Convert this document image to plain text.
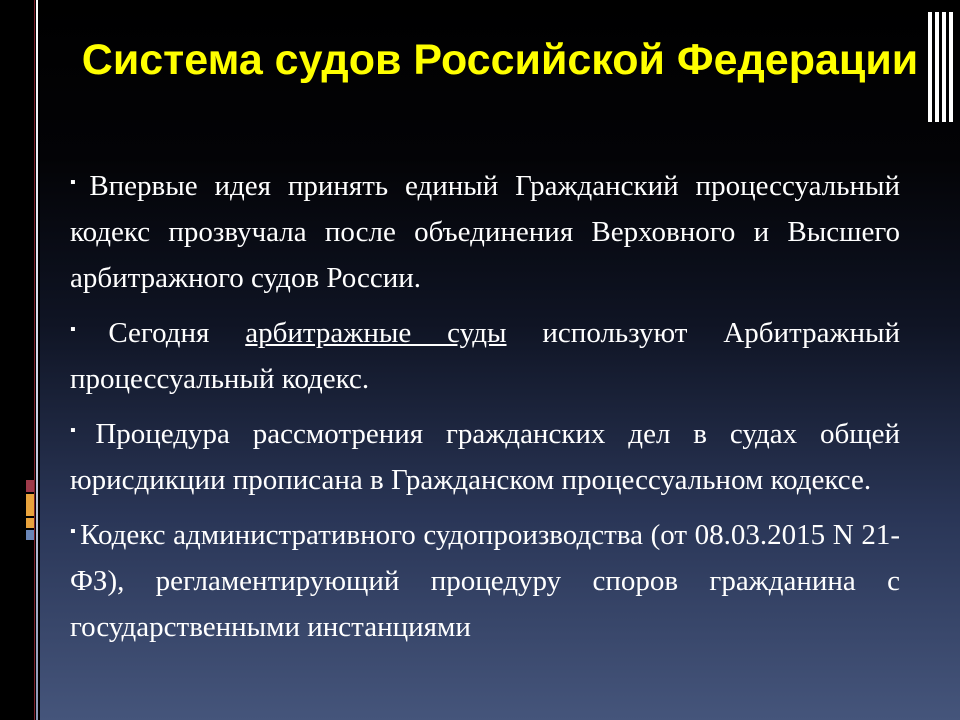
Система судов Российской Федерации

▪ Впервые идея принять единый Гражданский процессуальный кодекс прозвучала после объединения Верховного и Высшего арбитражного судов России.

▪ Сегодня арбитражные суды используют Арбитражный процессуальный кодекс.

▪ Процедура рассмотрения гражданских дел в судах общей юрисдикции прописана в Гражданском процессуальном кодексе.

▪ Кодекс административного судопроизводства (от 08.03.2015 N 21-ФЗ), регламентирующий процедуру споров гражданина с государственными инстанциями
